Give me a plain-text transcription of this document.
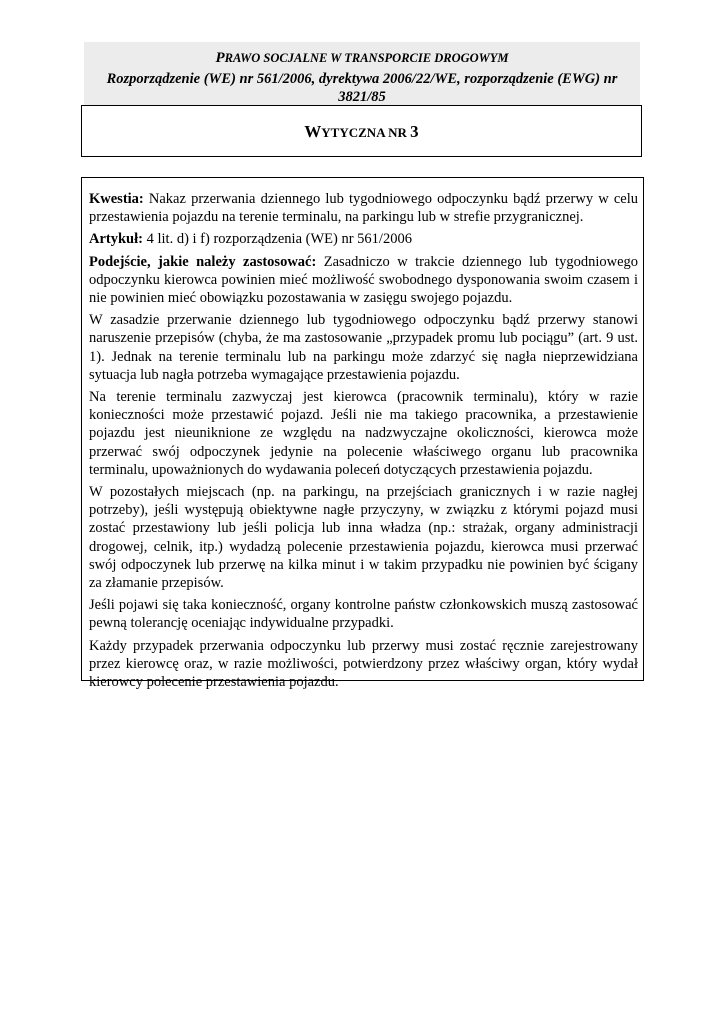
PRAWO SOCJALNE W TRANSPORCIE DROGOWYM
Rozporządzenie (WE) nr 561/2006, dyrektywa 2006/22/WE, rozporządzenie (EWG) nr 3821/85
WYTYCZNA NR 3

Kwestia: Nakaz przerwania dziennego lub tygodniowego odpoczynku bądź przerwy w celu przestawienia pojazdu na terenie terminalu, na parkingu lub w strefie przygranicznej.

Artykuł: 4 lit. d) i f) rozporządzenia (WE) nr 561/2006

Podejście, jakie należy zastosować: Zasadniczo w trakcie dziennego lub tygodniowego odpoczynku kierowca powinien mieć możliwość swobodnego dysponowania swoim czasem i nie powinien mieć obowiązku pozostawania w zasięgu swojego pojazdu.

W zasadzie przerwanie dziennego lub tygodniowego odpoczynku bądź przerwy stanowi naruszenie przepisów (chyba, że ma zastosowanie „przypadek promu lub pociągu” (art. 9 ust. 1). Jednak na terenie terminalu lub na parkingu może zdarzyć się nagła nieprzewidziana sytuacja lub nagła potrzeba wymagające przestawienia pojazdu.

Na terenie terminalu zazwyczaj jest kierowca (pracownik terminalu), który w razie konieczności może przestawić pojazd. Jeśli nie ma takiego pracownika, a przestawienie pojazdu jest nieuniknione ze względu na nadzwyczajne okoliczności, kierowca może przerwać swój odpoczynek jedynie na polecenie właściwego organu lub pracownika terminalu, upoważnionych do wydawania poleceń dotyczących przestawienia pojazdu.

W pozostałych miejscach (np. na parkingu, na przejściach granicznych i w razie nagłej potrzeby), jeśli występują obiektywne nagłe przyczyny, w związku z którymi pojazd musi zostać przestawiony lub jeśli policja lub inna władza (np.: strażak, organy administracji drogowej, celnik, itp.) wydadzą polecenie przestawienia pojazdu, kierowca musi przerwać swój odpoczynek lub przerwę na kilka minut i w takim przypadku nie powinien być ścigany za złamanie przepisów.

Jeśli pojawi się taka konieczność, organy kontrolne państw członkowskich muszą zastosować pewną tolerancję oceniając indywidualne przypadki.

Każdy przypadek przerwania odpoczynku lub przerwy musi zostać ręcznie zarejestrowany przez kierowcę oraz, w razie możliwości, potwierdzony przez właściwy organ, który wydał kierowcy polecenie przestawienia pojazdu.
